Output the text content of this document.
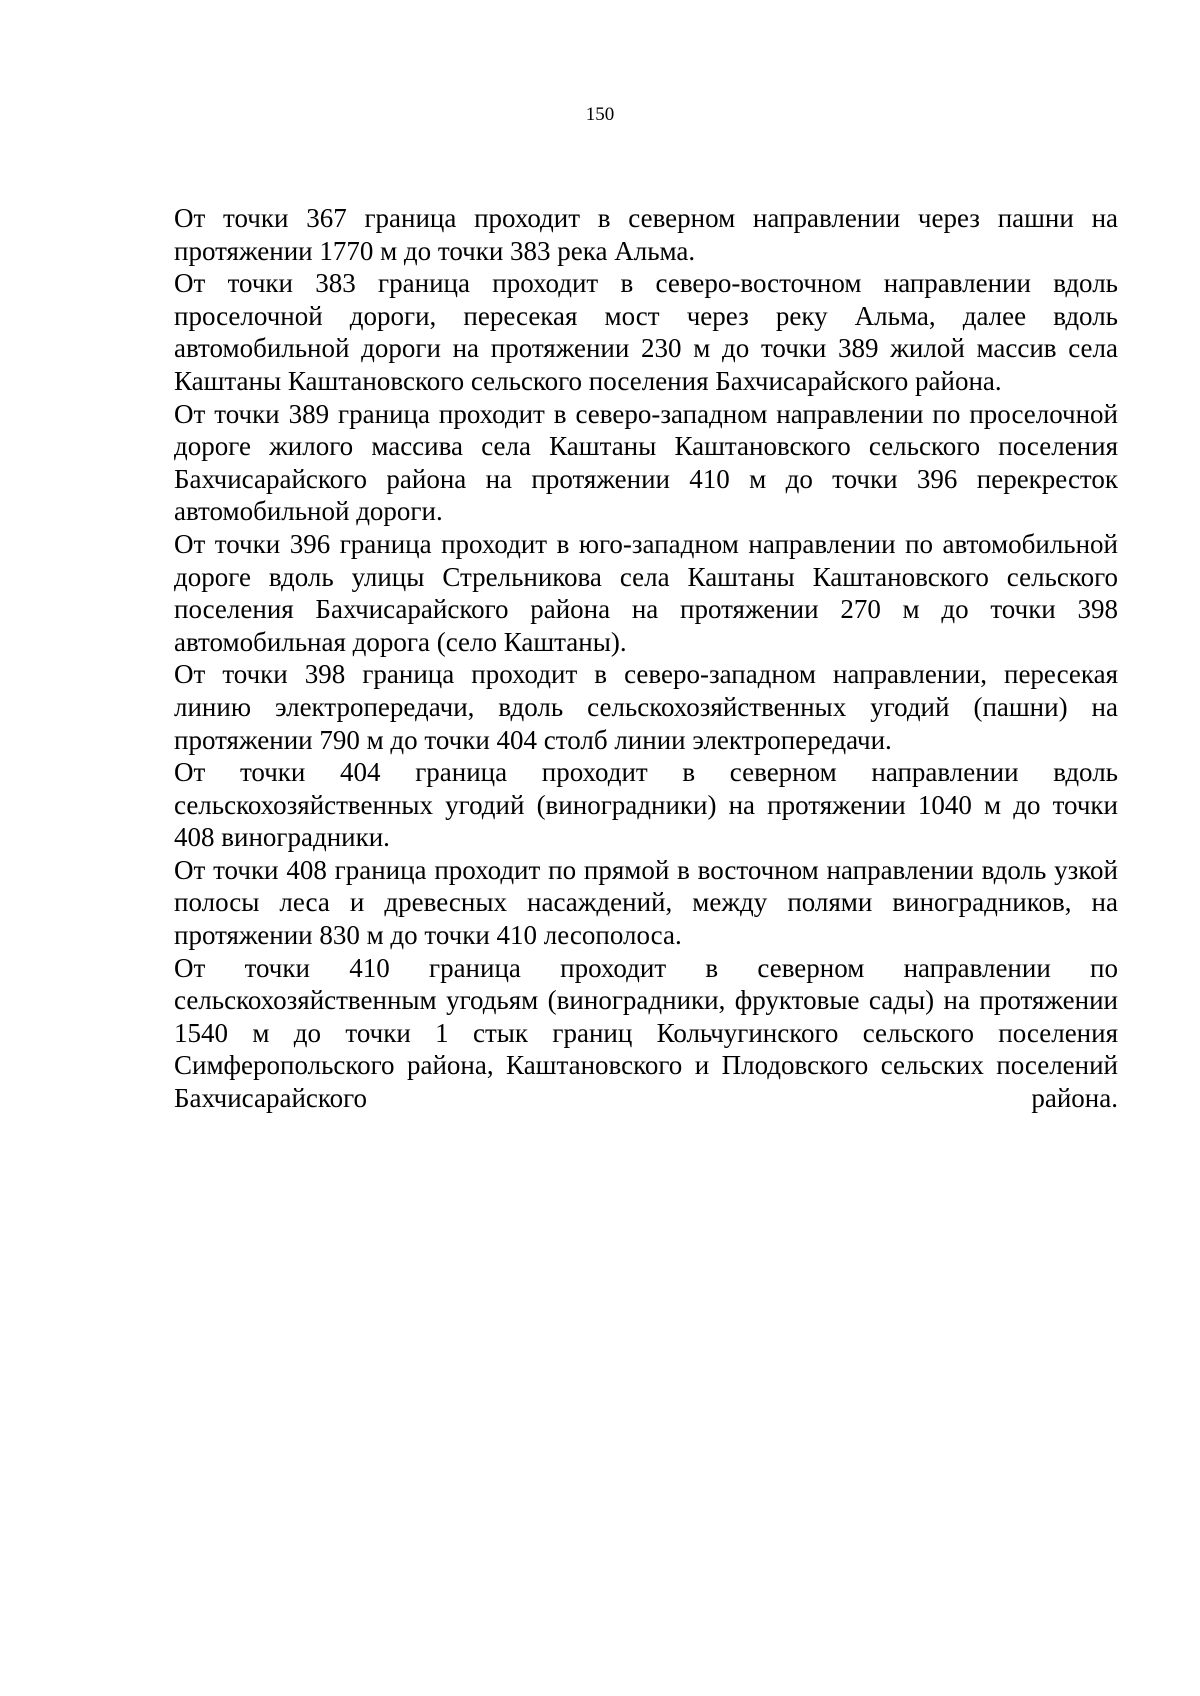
150

От точки 367 граница проходит в северном направлении через пашни на протяжении 1770 м до точки 383 река Альма.

От точки 383 граница проходит в северо-восточном направлении вдоль проселочной дороги, пересекая мост через реку Альма, далее вдоль автомобильной дороги на протяжении 230 м до точки 389 жилой массив села Каштаны Каштановского сельского поселения Бахчисарайского района.

От точки 389 граница проходит в северо-западном направлении по проселочной дороге жилого массива села Каштаны Каштановского сельского поселения Бахчисарайского района на протяжении 410 м до точки 396 перекресток автомобильной дороги.

От точки 396 граница проходит в юго-западном направлении по автомобильной дороге вдоль улицы Стрельникова села Каштаны Каштановского сельского поселения Бахчисарайского района на протяжении 270 м до точки 398 автомобильная дорога (село Каштаны).

От точки 398 граница проходит в северо-западном направлении, пересекая линию электропередачи, вдоль сельскохозяйственных угодий (пашни) на протяжении 790 м до точки 404 столб линии электропередачи.

От точки 404 граница проходит в северном направлении вдоль сельскохозяйственных угодий (виноградники) на протяжении 1040 м до точки 408 виноградники.

От точки 408 граница проходит по прямой в восточном направлении вдоль узкой полосы леса и древесных насаждений, между полями виноградников, на протяжении 830 м до точки 410 лесополоса.

От точки 410 граница проходит в северном направлении по сельскохозяйственным угодьям (виноградники, фруктовые сады) на протяжении 1540 м до точки 1 стык границ Кольчугинского сельского поселения Симферопольского района, Каштановского и Плодовского сельских поселений Бахчисарайского района.
